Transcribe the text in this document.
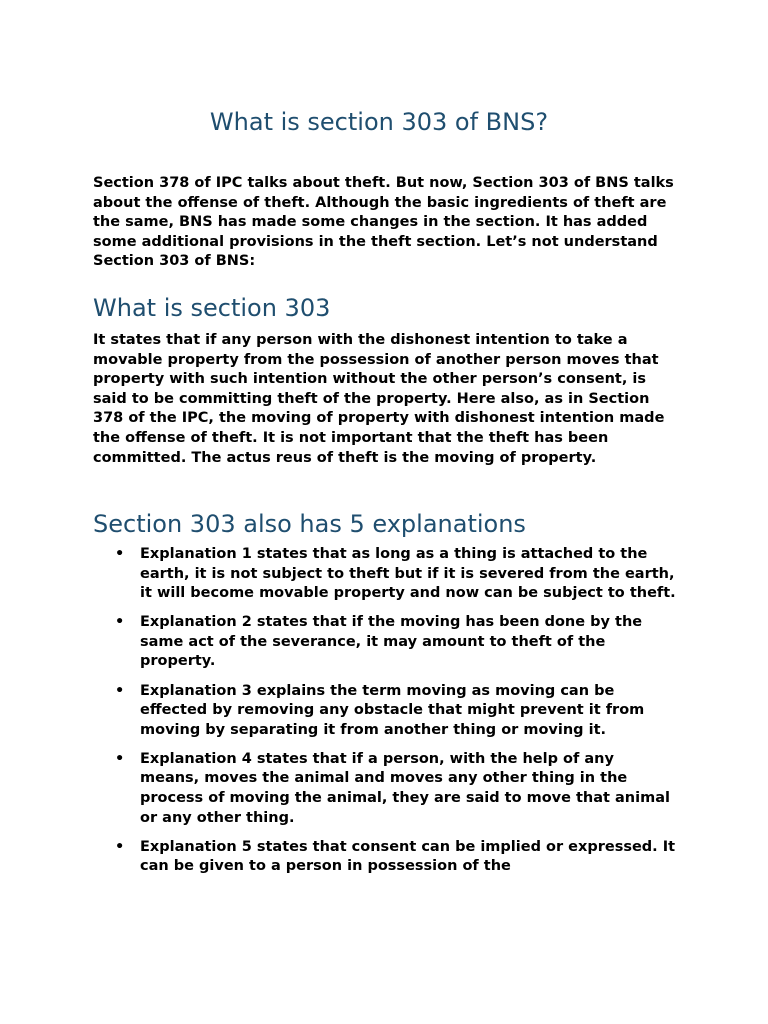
What is section 303 of BNS?

Section 378 of IPC talks about theft. But now, Section 303 of BNS talks about the offense of theft. Although the basic ingredients of theft are the same, BNS has made some changes in the section. It has added some additional provisions in the theft section. Let’s not understand Section 303 of BNS:

What is section 303

It states that if any person with the dishonest intention to take a movable property from the possession of another person moves that property with such intention without the other person’s consent, is said to be committing theft of the property. Here also, as in Section 378 of the IPC, the moving of property with dishonest intention made the offense of theft. It is not important that the theft has been committed. The actus reus of theft is the moving of property.

Section 303 also has 5 explanations
• Explanation 1 states that as long as a thing is attached to the earth, it is not subject to theft but if it is severed from the earth, it will become movable property and now can be subject to theft.

• Explanation 2 states that if the moving has been done by the same act of the severance, it may amount to theft of the property.

• Explanation 3 explains the term moving as moving can be effected by removing any obstacle that might prevent it from moving by separating it from another thing or moving it.

• Explanation 4 states that if a person, with the help of any means, moves the animal and moves any other thing in the process of moving the animal, they are said to move that animal or any other thing.

• Explanation 5 states that consent can be implied or expressed. It can be given to a person in possession of the
